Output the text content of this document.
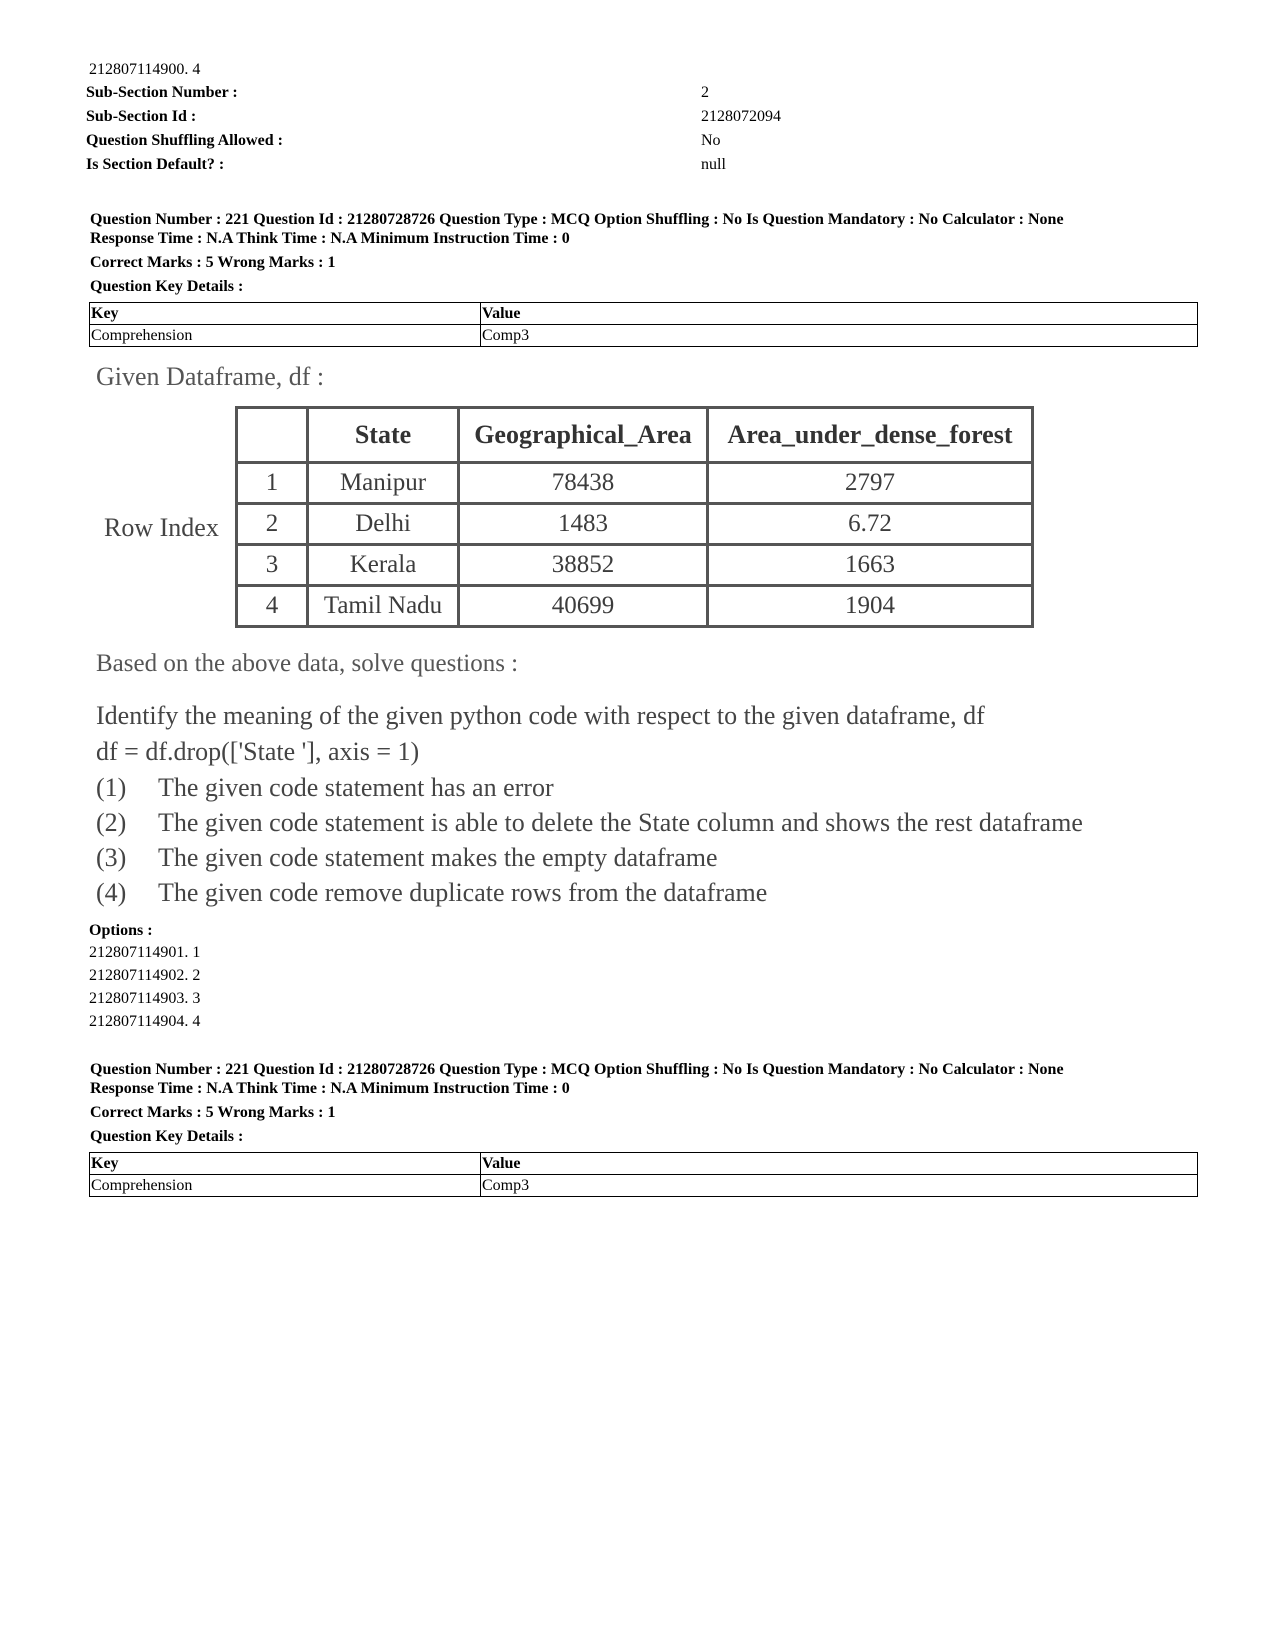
212807114900. 4
Sub-Section Number :	2
Sub-Section Id :	2128072094
Question Shuffling Allowed :	No
Is Section Default? :	null
Question Number : 221 Question Id : 21280728726 Question Type : MCQ Option Shuffling : No Is Question Mandatory : No Calculator : None
Response Time : N.A Think Time : N.A Minimum Instruction Time : 0
Correct Marks : 5 Wrong Marks : 1
Question Key Details :
Key	Value
Comprehension	Comp3
Given Dataframe, df :
Row Index
	State	Geographical_Area	Area_under_dense_forest
1	Manipur	78438	2797
2	Delhi	1483	6.72
3	Kerala	38852	1663
4	Tamil Nadu	40699	1904
Based on the above data, solve questions :
Identify the meaning of the given python code with respect to the given dataframe, df
df = df.drop(['State '], axis = 1)
(1) The given code statement has an error
(2) The given code statement is able to delete the State column and shows the rest dataframe
(3) The given code statement makes the empty dataframe
(4) The given code remove duplicate rows from the dataframe
Options :
212807114901. 1
212807114902. 2
212807114903. 3
212807114904. 4
Question Number : 221 Question Id : 21280728726 Question Type : MCQ Option Shuffling : No Is Question Mandatory : No Calculator : None
Response Time : N.A Think Time : N.A Minimum Instruction Time : 0
Correct Marks : 5 Wrong Marks : 1
Question Key Details :
Key	Value
Comprehension	Comp3
